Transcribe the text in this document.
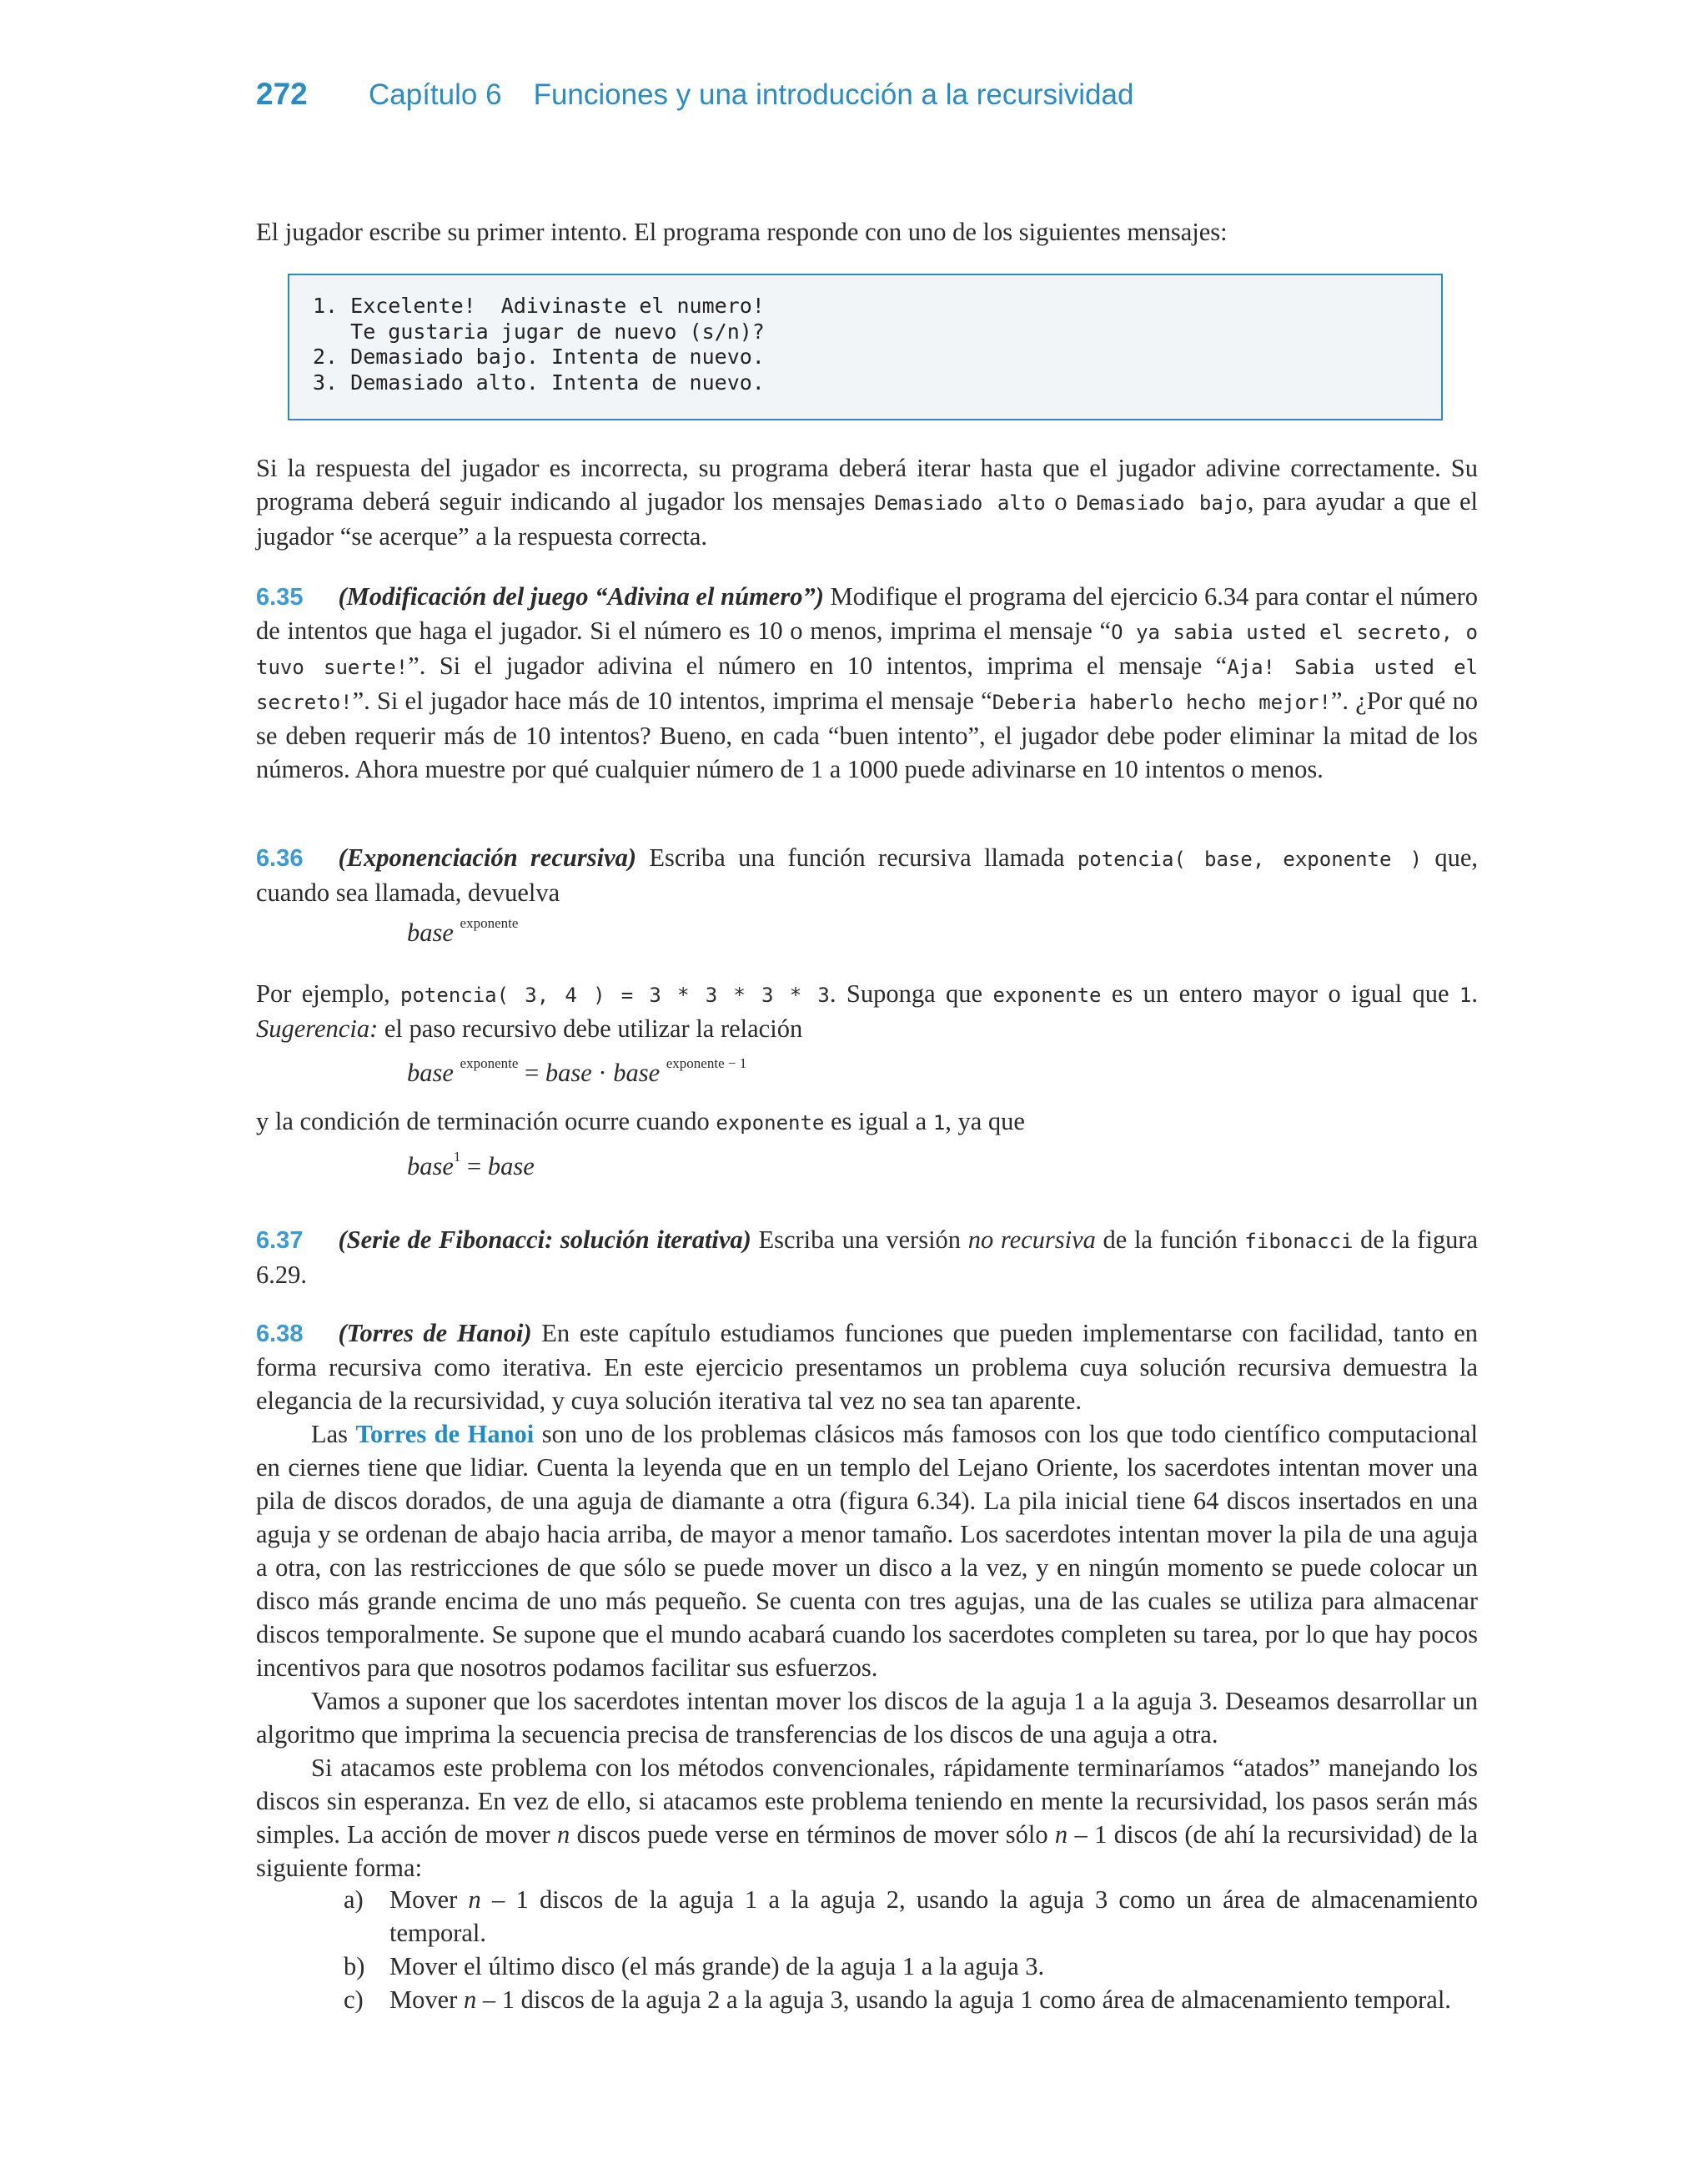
272	Capítulo 6 Funciones y una introducción a la recursividad

El jugador escribe su primer intento. El programa responde con uno de los siguientes mensajes:

1. Excelente!  Adivinaste el numero!
Te gustaria jugar de nuevo (s/n)?
2. Demasiado bajo. Intenta de nuevo.
3. Demasiado alto. Intenta de nuevo.

Si la respuesta del jugador es incorrecta, su programa deberá iterar hasta que el jugador adivine correctamente. Su programa deberá seguir indicando al jugador los mensajes Demasiado alto o Demasiado bajo, para ayudar a que el jugador “se acerque” a la respuesta correcta.

6.35 (Modificación del juego “Adivina el número”) Modifique el programa del ejercicio 6.34 para contar el número de intentos que haga el jugador. Si el número es 10 o menos, imprima el mensaje “O ya sabia usted el secreto, o tuvo suerte!”. Si el jugador adivina el número en 10 intentos, imprima el mensaje “Aja! Sabia usted el secreto!”. Si el jugador hace más de 10 intentos, imprima el mensaje “Deberia haberlo hecho mejor!”. ¿Por qué no se deben requerir más de 10 intentos? Bueno, en cada “buen intento”, el jugador debe poder eliminar la mitad de los números. Ahora muestre por qué cualquier número de 1 a 1000 puede adivinarse en 10 intentos o menos.

6.36 (Exponenciación recursiva) Escriba una función recursiva llamada potencia( base, exponente ) que, cuando sea llamada, devuelva

base $^{exponente}$

Por ejemplo, potencia( 3, 4 ) = 3 * 3 * 3 * 3. Suponga que exponente es un entero mayor o igual que 1. Sugerencia: el paso recursivo debe utilizar la relación

base $^{exponente}$ = base · base $^{exponente - 1}$

y la condición de terminación ocurre cuando exponente es igual a 1, ya que

base$^1$ = base

6.37 (Serie de Fibonacci: solución iterativa) Escriba una versión no recursiva de la función fibonacci de la figura 6.29.

6.38 (Torres de Hanoi) En este capítulo estudiamos funciones que pueden implementarse con facilidad, tanto en forma recursiva como iterativa. En este ejercicio presentamos un problema cuya solución recursiva demuestra la elegancia de la recursividad, y cuya solución iterativa tal vez no sea tan aparente.

Las Torres de Hanoi son uno de los problemas clásicos más famosos con los que todo científico computacional en ciernes tiene que lidiar. Cuenta la leyenda que en un templo del Lejano Oriente, los sacerdotes intentan mover una pila de discos dorados, de una aguja de diamante a otra (figura 6.34). La pila inicial tiene 64 discos insertados en una aguja y se ordenan de abajo hacia arriba, de mayor a menor tamaño. Los sacerdotes intentan mover la pila de una aguja a otra, con las restricciones de que sólo se puede mover un disco a la vez, y en ningún momento se puede colocar un disco más grande encima de uno más pequeño. Se cuenta con tres agujas, una de las cuales se utiliza para almacenar discos temporalmente. Se supone que el mundo acabará cuando los sacerdotes completen su tarea, por lo que hay pocos incentivos para que nosotros podamos facilitar sus esfuerzos.

Vamos a suponer que los sacerdotes intentan mover los discos de la aguja 1 a la aguja 3. Deseamos desarrollar un algoritmo que imprima la secuencia precisa de transferencias de los discos de una aguja a otra.

Si atacamos este problema con los métodos convencionales, rápidamente terminaríamos “atados” manejando los discos sin esperanza. En vez de ello, si atacamos este problema teniendo en mente la recursividad, los pasos serán más simples. La acción de mover n discos puede verse en términos de mover sólo n – 1 discos (de ahí la recursividad) de la siguiente forma:

a)	Mover n – 1 discos de la aguja 1 a la aguja 2, usando la aguja 3 como un área de almacenamiento temporal.
b) Mover el último disco (el más grande) de la aguja 1 a la aguja 3.
c)	Mover n – 1 discos de la aguja 2 a la aguja 3, usando la aguja 1 como área de almacenamiento temporal.
